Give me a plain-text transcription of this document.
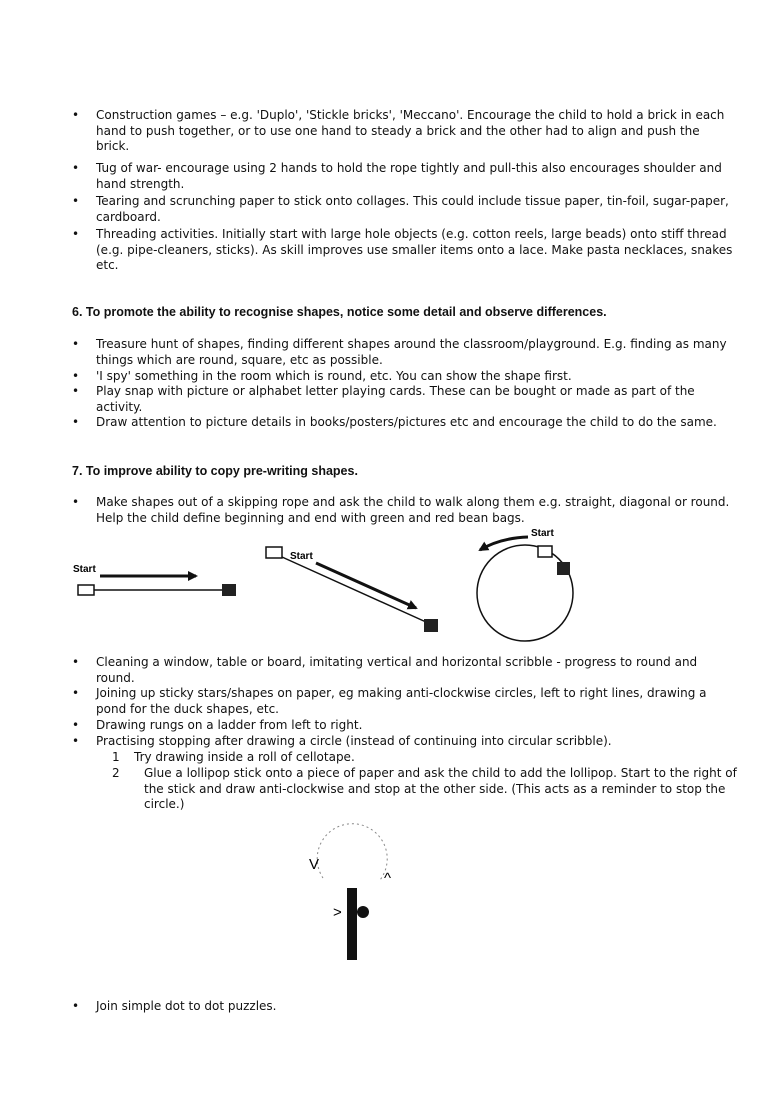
• Construction games – e.g. 'Duplo', 'Stickle bricks', 'Meccano'. Encourage the child to hold a brick in each hand to push together, or to use one hand to steady a brick and the other had to align and push the brick.
• Tug of war- encourage using 2 hands to hold the rope tightly and pull-this also encourages shoulder and hand strength.
• Tearing and scrunching paper to stick onto collages. This could include tissue paper, tin-foil, sugar-paper, cardboard.
• Threading activities. Initially start with large hole objects (e.g. cotton reels, large beads) onto stiff thread (e.g. pipe-cleaners, sticks). As skill improves use smaller items onto a lace. Make pasta necklaces, snakes etc.
6. To promote the ability to recognise shapes, notice some detail and observe differences.
• Treasure hunt of shapes, finding different shapes around the classroom/playground. E.g. finding as many things which are round, square, etc as possible.
• 'I spy' something in the room which is round, etc. You can show the shape first.
• Play snap with picture or alphabet letter playing cards. These can be bought or made as part of the activity.
• Draw attention to picture details in books/posters/pictures etc and encourage the child to do the same.
7. To improve ability to copy pre-writing shapes.
• Make shapes out of a skipping rope and ask the child to walk along them e.g. straight, diagonal or round. Help the child define beginning and end with green and red bean bags.
Start
Start
Start
V
^
>
• Cleaning a window, table or board, imitating vertical and horizontal scribble - progress to round and round.
• Joining up sticky stars/shapes on paper, eg making anti-clockwise circles, left to right lines, drawing a pond for the duck shapes, etc.
• Drawing rungs on a ladder from left to right.
• Practising stopping after drawing a circle (instead of continuing into circular scribble).
1 Try drawing inside a roll of cellotape.
2 Glue a lollipop stick onto a piece of paper and ask the child to add the lollipop. Start to the right of the stick and draw anti-clockwise and stop at the other side. (This acts as a reminder to stop the circle.)
• Join simple dot to dot puzzles.
